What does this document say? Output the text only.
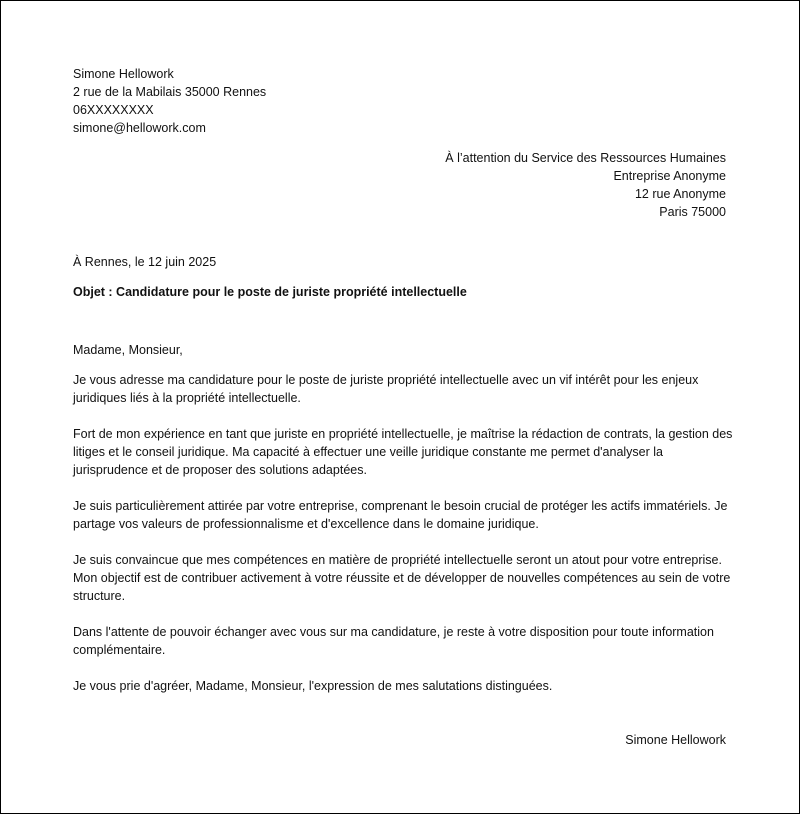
Simone Hellowork
2 rue de la Mabilais 35000 Rennes
06XXXXXXXX
simone@hellowork.com
À l’attention du Service des Ressources Humaines
Entreprise Anonyme
12 rue Anonyme
Paris 75000
À Rennes, le 12 juin 2025
Objet : Candidature pour le poste de juriste propriété intellectuelle

Madame, Monsieur,

Je vous adresse ma candidature pour le poste de juriste propriété intellectuelle avec un vif intérêt pour les enjeux juridiques liés à la propriété intellectuelle.

Fort de mon expérience en tant que juriste en propriété intellectuelle, je maîtrise la rédaction de contrats, la gestion des litiges et le conseil juridique. Ma capacité à effectuer une veille juridique constante me permet d'analyser la jurisprudence et de proposer des solutions adaptées.

Je suis particulièrement attirée par votre entreprise, comprenant le besoin crucial de protéger les actifs immatériels. Je partage vos valeurs de professionnalisme et d'excellence dans le domaine juridique.

Je suis convaincue que mes compétences en matière de propriété intellectuelle seront un atout pour votre entreprise. Mon objectif est de contribuer activement à votre réussite et de développer de nouvelles compétences au sein de votre structure.

Dans l'attente de pouvoir échanger avec vous sur ma candidature, je reste à votre disposition pour toute information complémentaire.

Je vous prie d'agréer, Madame, Monsieur, l'expression de mes salutations distinguées.

Simone Hellowork
